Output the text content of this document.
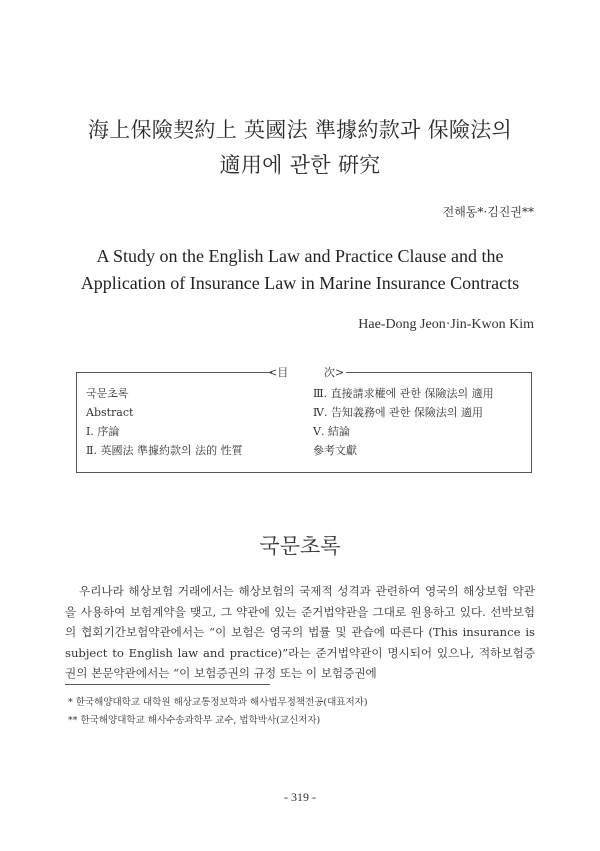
海上保險契約上 英國法 準據約款과 保險法의
適用에 관한 硏究
전해동*·김진권**
A Study on the English Law and Practice Clause and the
Application of Insurance Law in Marine Insurance Contracts
Hae-Dong Jeon·Jin-Kwon Kim
<目	次>
국문초록
Abstract
Ⅰ. 序論
Ⅱ. 英國法 準據約款의 法的 性質
Ⅲ. 直接請求權에 관한 保險法의 適用
Ⅳ. 告知義務에 관한 保險法의 適用
Ⅴ. 結論
參考文獻
국문초록

우리나라 해상보험 거래에서는 해상보험의 국제적 성격과 관련하여 영국의 해상보험 약관을 사용하여 보험계약을 맺고, 그 약관에 있는 준거법약관을 그대로 원용하고 있다. 선박보험의 협회기간보험약관에서는 “이 보험은 영국의 법률 및 관습에 따른다 (This insurance is subject to English law and practice)”라는 준거법약관이 명시되어 있으나, 적하보험증권의 본문약관에서는 “이 보험증권의 규정 또는 이 보험증권에

* 한국해양대학교 대학원 해상교통정보학과 해사법무정책전공(대표저자)
** 한국해양대학교 해사수송과학부 교수, 법학박사(교신저자)
- 319 -
